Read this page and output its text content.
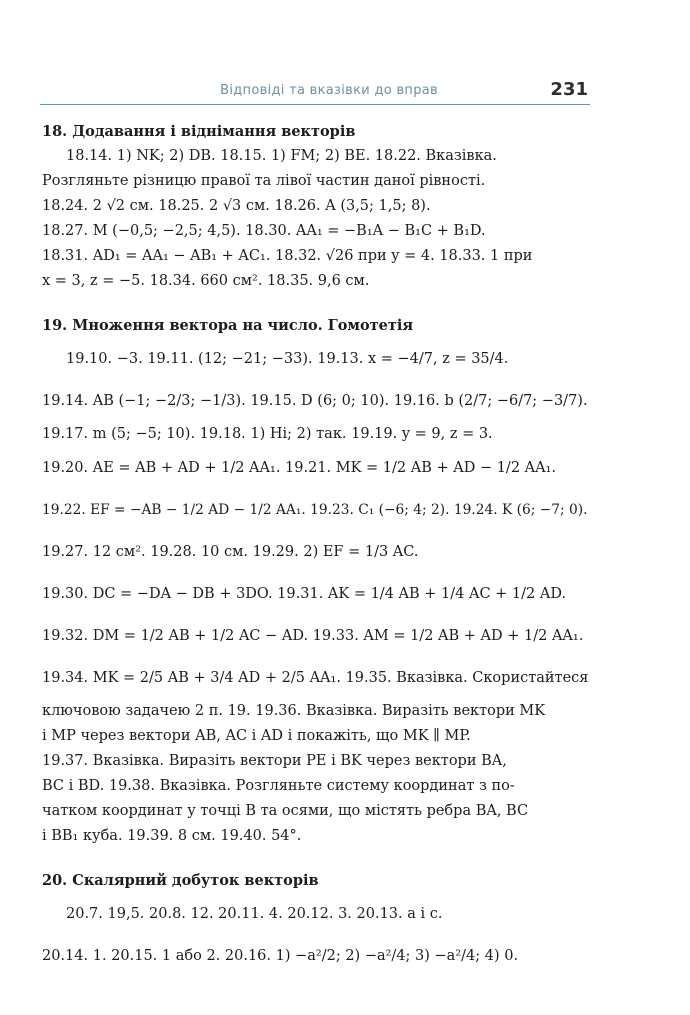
Відповіді та вказівки до вправ	231
18. Додавання і віднімання векторів
18.14. 1) NK; 2) DB. 18.15. 1) FM; 2) BE. 18.22. Вказівка.
Розгляньте різницю правої та лівої частин даної рівності.
18.24. 2 √2 см. 18.25. 2 √3 см. 18.26. A (3,5; 1,5; 8).
18.27. M (−0,5; −2,5; 4,5). 18.30. AA₁ = −B₁A − B₁C + B₁D.
18.31. AD₁ = AA₁ − AB₁ + AC₁. 18.32. √26 при y = 4. 18.33. 1 при
x = 3, z = −5. 18.34. 660 см². 18.35. 9,6 см.
19. Множення вектора на число. Гомотетія
19.10. −3. 19.11. (12; −21; −33). 19.13. x = −4/7, z = 35/4.
19.14. AB (−1; −2/3; −1/3). 19.15. D (6; 0; 10). 19.16. b (2/7; −6/7; −3/7).
19.17. m (5; −5; 10). 19.18. 1) Ні; 2) так. 19.19. y = 9, z = 3.
19.20. AE = AB + AD + 1/2 AA₁. 19.21. MK = 1/2 AB + AD − 1/2 AA₁.
19.22. EF = −AB − 1/2 AD − 1/2 AA₁. 19.23. C₁ (−6; 4; 2). 19.24. K (6; −7; 0).
19.27. 12 см². 19.28. 10 см. 19.29. 2) EF = 1/3 AC.
19.30. DC = −DA − DB + 3DO. 19.31. AK = 1/4 AB + 1/4 AC + 1/2 AD.
19.32. DM = 1/2 AB + 1/2 AC − AD. 19.33. AM = 1/2 AB + AD + 1/2 AA₁.
19.34. MK = 2/5 AB + 3/4 AD + 2/5 AA₁. 19.35. Вказівка. Скористайтеся
ключовою задачею 2 п. 19. 19.36. Вказівка. Виразіть вектори MK
і MP через вектори AB, AC і AD і покажіть, що MK ∥ MP.
19.37. Вказівка. Виразіть вектори PE і BK через вектори BA,
BC і BD. 19.38. Вказівка. Розгляньте систему координат з по-
чатком координат у точці B та осями, що містять ребра BA, BC
і BB₁ куба. 19.39. 8 см. 19.40. 54°.
20. Скалярний добуток векторів
20.7. 19,5. 20.8. 12. 20.11. 4. 20.12. 3. 20.13. a і c.
20.14. 1. 20.15. 1 або 2. 20.16. 1) −a²/2; 2) −a²/4; 3) −a²/4; 4) 0.
